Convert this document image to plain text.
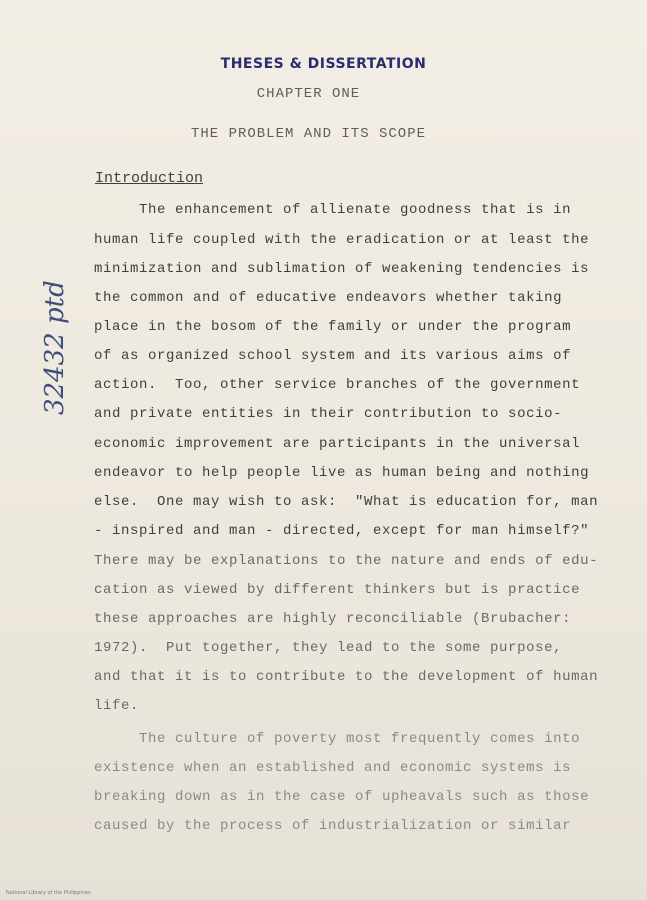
THESES & DISSERTATION
CHAPTER ONE
THE PROBLEM AND ITS SCOPE
Introduction
The enhancement of allienate goodness that is in
human life coupled with the eradication or at least the
minimization and sublimation of weakening tendencies is
the common and of educative endeavors whether taking
place in the bosom of the family or under the program
of as organized school system and its various aims of
action.  Too, other service branches of the government
and private entities in their contribution to socio-
economic improvement are participants in the universal
endeavor to help people live as human being and nothing
else.  One may wish to ask:  "What is education for, man
- inspired and man - directed, except for man himself?"
There may be explanations to the nature and ends of edu-
cation as viewed by different thinkers but is practice
these approaches are highly reconciliable (Brubacher:
1972).  Put together, they lead to the some purpose,
and that it is to contribute to the development of human
life.
The culture of poverty most frequently comes into
existence when an established and economic systems is
breaking down as in the case of upheavals such as those
caused by the process of industrialization or similar
32432 ptd
National Library of the Philippines
